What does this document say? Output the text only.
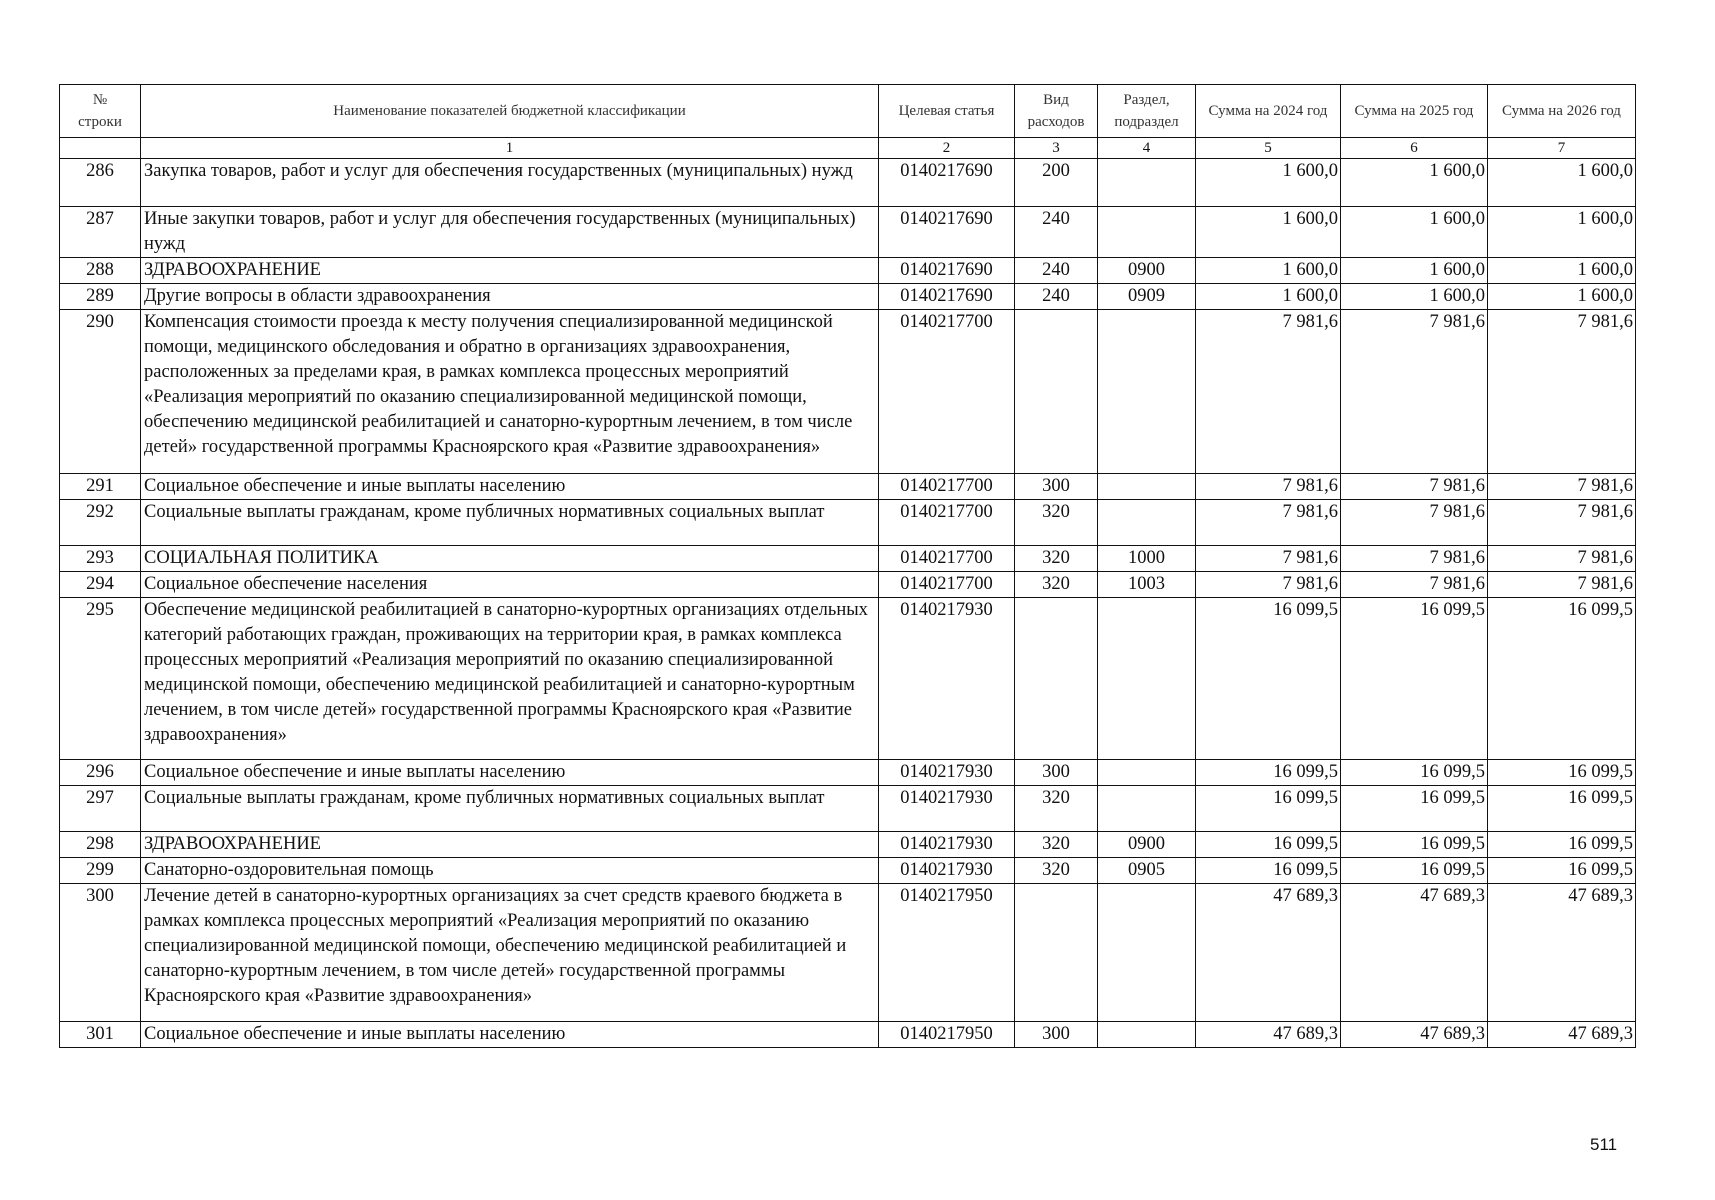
№
строки	Наименование показателей бюджетной классификации	Целевая статья	Вид расходов	Раздел, подраздел	Сумма на 2024 год	Сумма на 2025 год	Сумма на 2026 год
	1	2	3	4	5	6	7
286	Закупка товаров, работ и услуг для обеспечения государственных (муниципальных) нужд	0140217690	200		1 600,0	1 600,0	1 600,0
287	Иные закупки товаров, работ и услуг для обеспечения государственных (муниципальных) нужд	0140217690	240		1 600,0	1 600,0	1 600,0
288	ЗДРАВООХРАНЕНИЕ	0140217690	240	0900	1 600,0	1 600,0	1 600,0
289	Другие вопросы в области здравоохранения	0140217690	240	0909	1 600,0	1 600,0	1 600,0
290	Компенсация стоимости проезда к месту получения специализированной медицинской помощи, медицинского обследования и обратно в организациях здравоохранения, расположенных за пределами края, в рамках комплекса процессных мероприятий «Реализация мероприятий по оказанию специализированной медицинской помощи, обеспечению медицинской реабилитацией и санаторно-курортным лечением, в том числе детей» государственной программы Красноярского края «Развитие здравоохранения»	0140217700			7 981,6	7 981,6	7 981,6
291	Социальное обеспечение и иные выплаты населению	0140217700	300		7 981,6	7 981,6	7 981,6
292	Социальные выплаты гражданам, кроме публичных нормативных социальных выплат	0140217700	320		7 981,6	7 981,6	7 981,6
293	СОЦИАЛЬНАЯ ПОЛИТИКА	0140217700	320	1000	7 981,6	7 981,6	7 981,6
294	Социальное обеспечение населения	0140217700	320	1003	7 981,6	7 981,6	7 981,6
295	Обеспечение медицинской реабилитацией в санаторно-курортных организациях отдельных категорий работающих граждан, проживающих на территории края, в рамках комплекса процессных мероприятий «Реализация мероприятий по оказанию специализированной медицинской помощи, обеспечению медицинской реабилитацией и санаторно-курортным лечением, в том числе детей» государственной программы Красноярского края «Развитие здравоохранения»	0140217930			16 099,5	16 099,5	16 099,5
296	Социальное обеспечение и иные выплаты населению	0140217930	300		16 099,5	16 099,5	16 099,5
297	Социальные выплаты гражданам, кроме публичных нормативных социальных выплат	0140217930	320		16 099,5	16 099,5	16 099,5
298	ЗДРАВООХРАНЕНИЕ	0140217930	320	0900	16 099,5	16 099,5	16 099,5
299	Санаторно-оздоровительная помощь	0140217930	320	0905	16 099,5	16 099,5	16 099,5
300	Лечение детей в санаторно-курортных организациях за счет средств краевого бюджета в рамках комплекса процессных мероприятий «Реализация мероприятий по оказанию специализированной медицинской помощи, обеспечению медицинской реабилитацией и санаторно-курортным лечением, в том числе детей» государственной программы Красноярского края «Развитие здравоохранения»	0140217950			47 689,3	47 689,3	47 689,3
301	Социальное обеспечение и иные выплаты населению	0140217950	300		47 689,3	47 689,3	47 689,3
511
